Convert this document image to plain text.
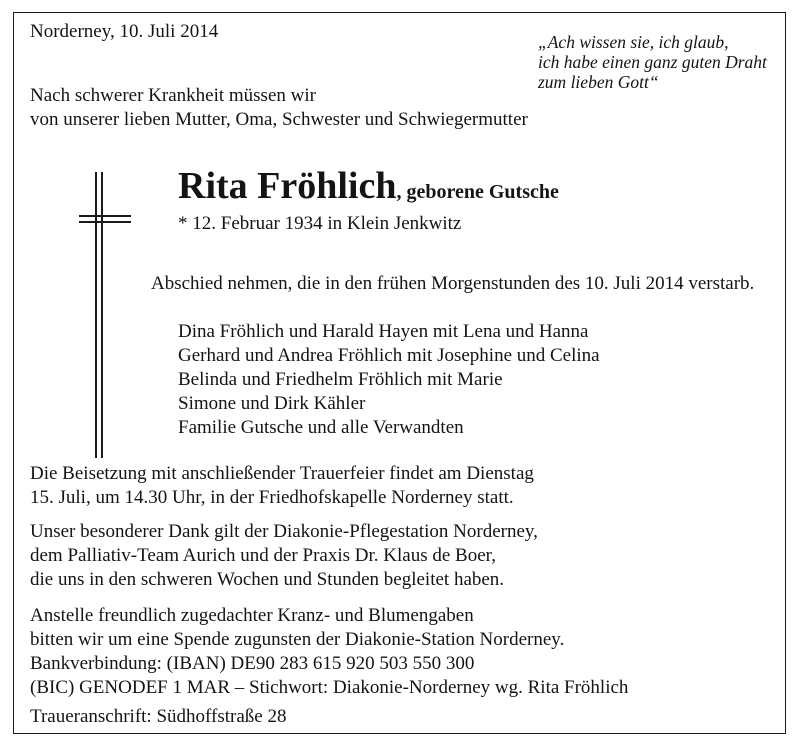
Norderney, 10. Juli 2014	„Ach wissen sie, ich glaub,
ich habe einen ganz guten Draht
zum lieben Gott“
Nach schwerer Krankheit müssen wir
von unserer lieben Mutter, Oma, Schwester und Schwiegermutter
Rita Fröhlich, geborene Gutsche
* 12. Februar 1934 in Klein Jenkwitz
Abschied nehmen, die in den frühen Morgenstunden des 10. Juli 2014 verstarb.
Dina Fröhlich und Harald Hayen mit Lena und Hanna
Gerhard und Andrea Fröhlich mit Josephine und Celina
Belinda und Friedhelm Fröhlich mit Marie
Simone und Dirk Kähler
Familie Gutsche und alle Verwandten
Die Beisetzung mit anschließender Trauerfeier findet am Dienstag
15. Juli, um 14.30 Uhr, in der Friedhofskapelle Norderney statt.
Unser besonderer Dank gilt der Diakonie-Pflegestation Norderney,
dem Palliativ-Team Aurich und der Praxis Dr. Klaus de Boer,
die uns in den schweren Wochen und Stunden begleitet haben.
Anstelle freundlich zugedachter Kranz- und Blumengaben
bitten wir um eine Spende zugunsten der Diakonie-Station Norderney.
Bankverbindung: (IBAN) DE90 283 615 920 503 550 300
(BIC) GENODEF 1 MAR – Stichwort: Diakonie-Norderney wg. Rita Fröhlich
Traueranschrift: Südhoffstraße 28
